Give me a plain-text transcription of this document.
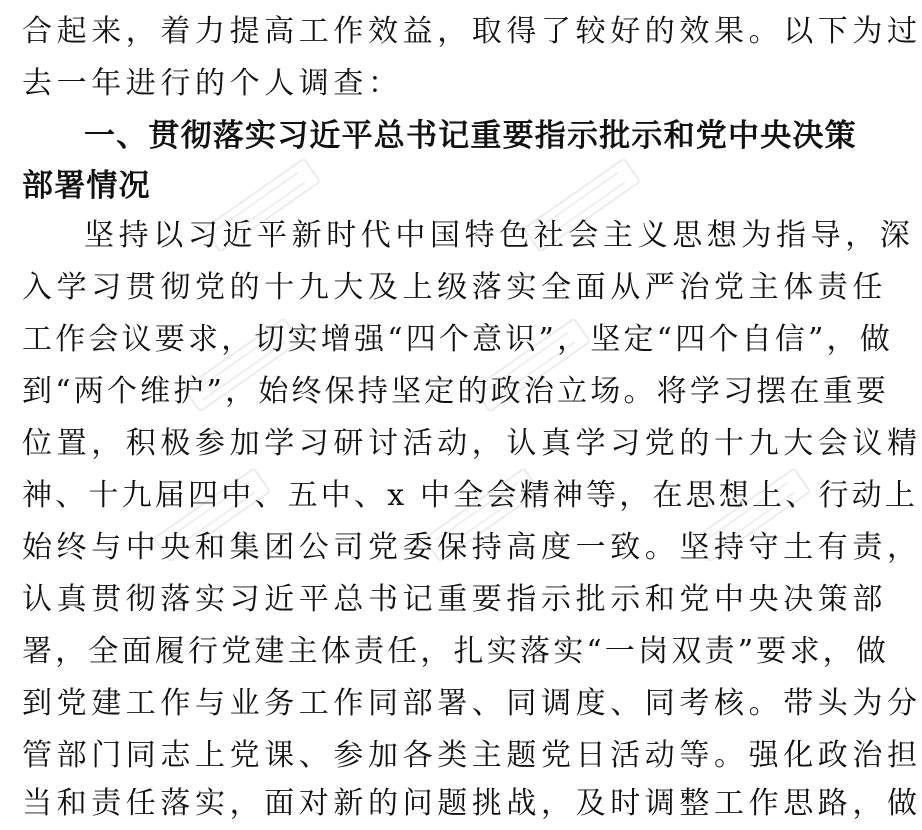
合起来，着力提高工作效益，取得了较好的效果。以下为过
去一年进行的个人调查：
一、贯彻落实习近平总书记重要指示批示和党中央决策
部署情况
坚持以习近平新时代中国特色社会主义思想为指导，深
入学习贯彻党的十九大及上级落实全面从严治党主体责任
工作会议要求，切实增强“四个意识”，坚定“四个自信”，做
到“两个维护”，始终保持坚定的政治立场。将学习摆在重要
位置，积极参加学习研讨活动，认真学习党的十九大会议精
神、十九届四中、五中、x 中全会精神等，在思想上、行动上
始终与中央和集团公司党委保持高度一致。坚持守土有责，
认真贯彻落实习近平总书记重要指示批示和党中央决策部
署，全面履行党建主体责任，扎实落实“一岗双责”要求，做
到党建工作与业务工作同部署、同调度、同考核。带头为分
管部门同志上党课、参加各类主题党日活动等。强化政治担
当和责任落实，面对新的问题挑战，及时调整工作思路，做
